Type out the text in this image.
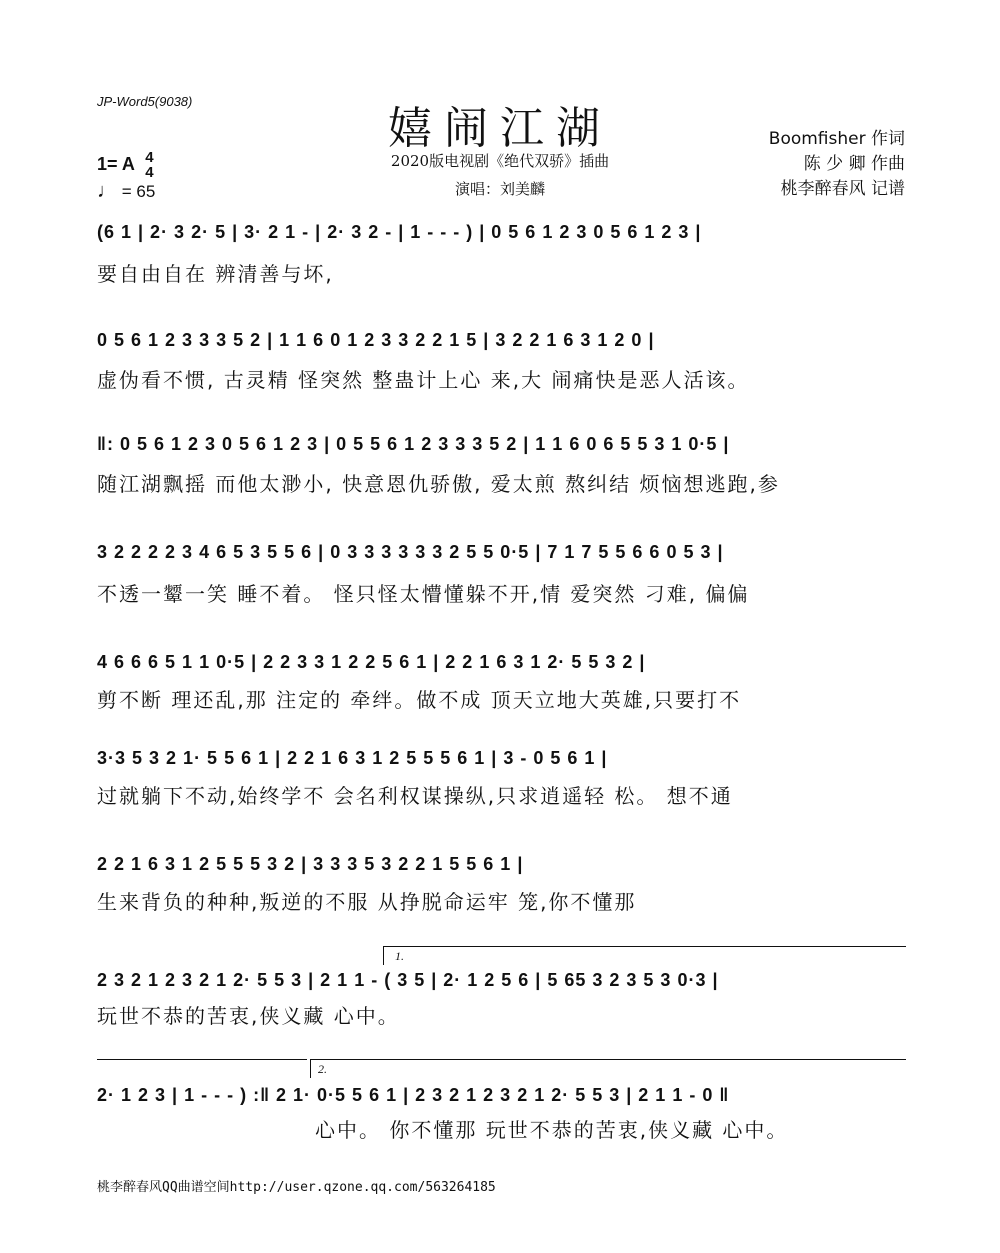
JP-Word5(9038)
嬉闹江湖
2020版电视剧《绝代双骄》插曲
演唱：刘美麟
Boomfisher 作词
陈 少 卿 作曲
桃李醉春风 记谱
1= A 4
4
♩ = 65
(6 1 | 2· 3 2· 5 | 3· 2 1 - | 2· 3 2 - | 1 - - - ) | 0 5 6 1 2 3 0 5 6 1 2 3 |
要自由自在 辨清善与坏,
0 5 6 1 2 3 3 3 5 2 | 1 1 6 0 1 2 3 3 2 2 1 5 | 3 2 2 1 6 3 1 2 0 |
虚伪看不惯, 古灵精 怪突然 整蛊计上心 来,大 闹痛快是恶人活该。
‖: 0 5 6 1 2 3 0 5 6 1 2 3 | 0 5 5 6 1 2 3 3 3 5 2 | 1 1 6 0 6 5 5 3 1 0·5 |
随江湖飘摇 而他太渺小, 快意恩仇骄傲, 爱太煎 熬纠结 烦恼想逃跑,参
3 2 2 2 2 3 4 6 5 3 5 5 6 | 0 3 3 3 3 3 3 2 5 5 0·5 | 7 1 7 5 5 6 6 0 5 3 |
不透一颦一笑 睡不着。 怪只怪太懵懂躲不开,情 爱突然 刁难, 偏偏
4 6 6 6 5 1 1 0·5 | 2 2 3 3 1 2 2 5 6 1 | 2 2 1 6 3 1 2· 5 5 3 2 |
剪不断 理还乱,那 注定的 牵绊。做不成 顶天立地大英雄,只要打不
3·3 5 3 2 1· 5 5 6 1 | 2 2 1 6 3 1 2 5 5 5 6 1 | 3 - 0 5 6 1 |
过就躺下不动,始终学不 会名利权谋操纵,只求逍遥轻 松。 想不通
2 2 1 6 3 1 2 5 5 5 3 2 | 3 3 3 5 3 2 2 1 5 5 6 1 |
生来背负的种种,叛逆的不服 从挣脱命运牢 笼,你不懂那
1.
2 3 2 1 2 3 2 1 2· 5 5 3 | 2 1 1 - ( 3 5 | 2· 1 2 5 6 | 5 65 3 2 3 5 3 0·3 |
玩世不恭的苦衷,侠义藏 心中。
2.
2· 1 2 3 | 1 - - - ) :‖ 2 1· 0·5 5 6 1 | 2 3 2 1 2 3 2 1 2· 5 5 3 | 2 1 1 - 0 ‖
心中。 你不懂那 玩世不恭的苦衷,侠义藏 心中。
桃李醉春风QQ曲谱空间http://user.qzone.qq.com/563264185
